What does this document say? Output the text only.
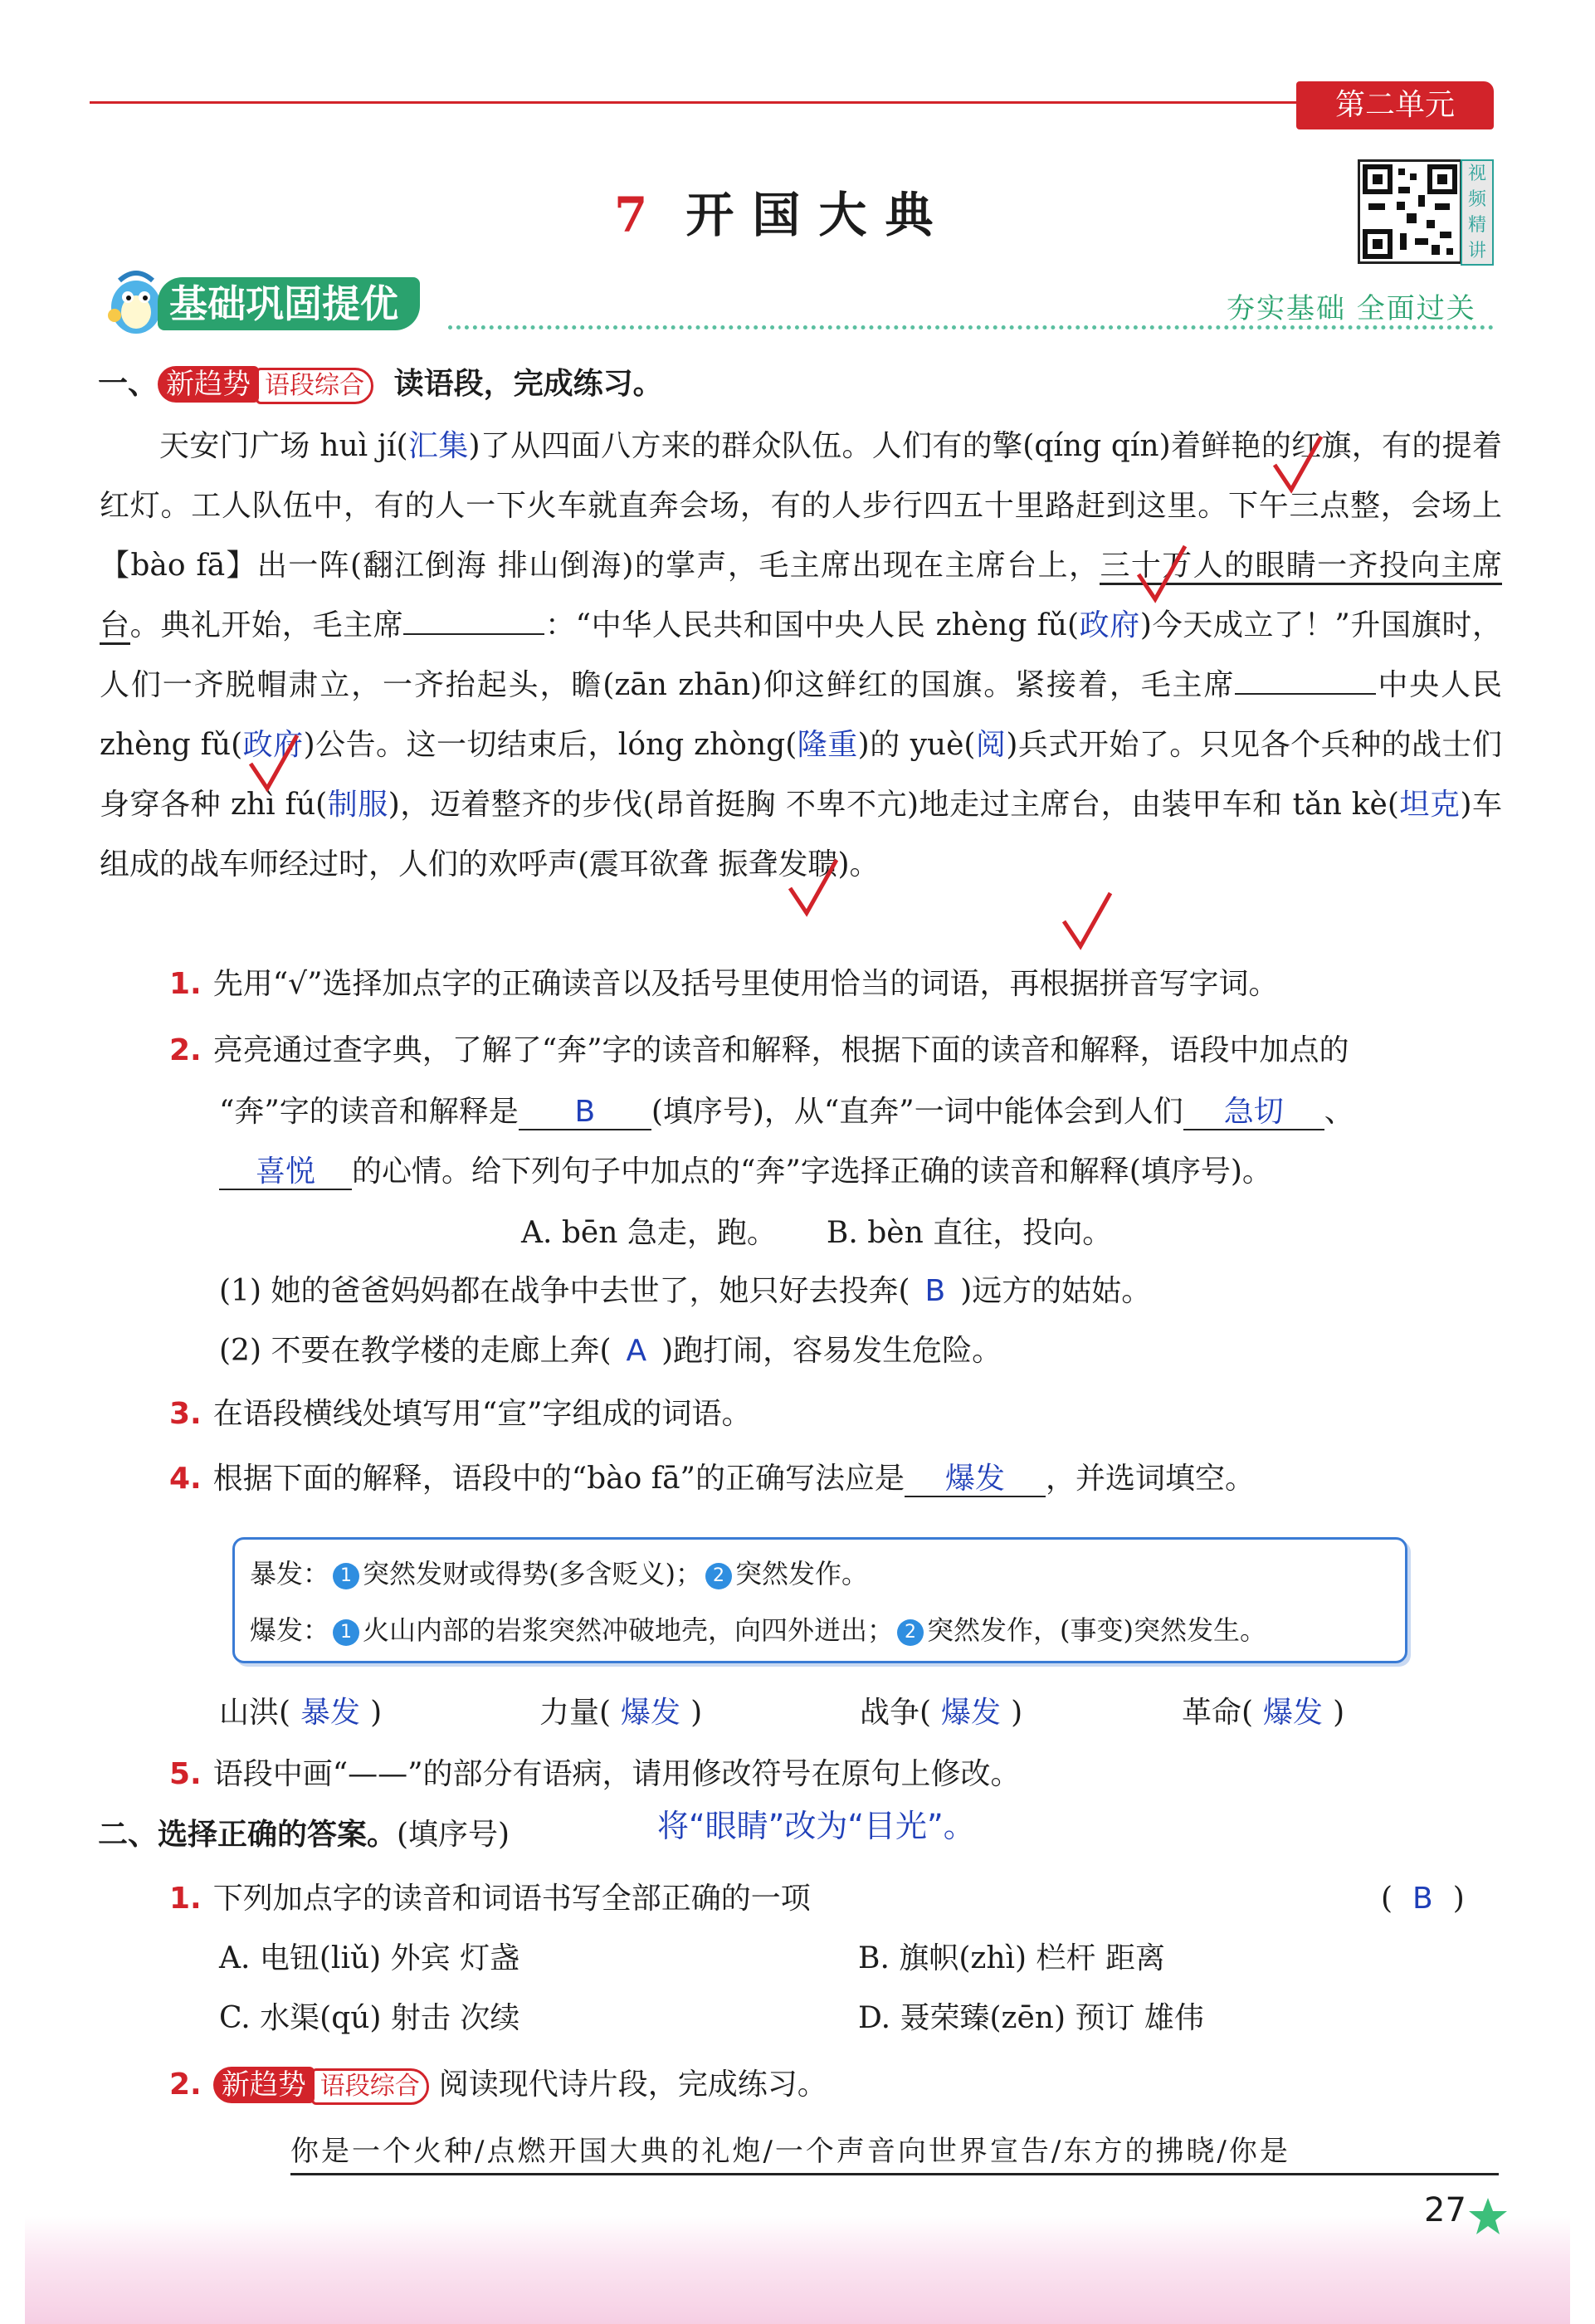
第二单元
7 开国大典
视频精讲
基础巩固提优	夯实基础 全面过关
一、 新趋势 语段综合 读语段，完成练习。

天安门广场 huì jí(汇集)了从四面八方来的群众队伍。人们有的擎(qíng qín)着鲜艳的红旗，有的提着红灯。工人队伍中，有的人一下火车就直奔会场，有的人步行四五十里路赶到这里。下午三点整，会场上【bào fā】出一阵(翻江倒海 排山倒海)的掌声，毛主席出现在主席台上，三十万人的眼睛一齐投向主席台。典礼开始，毛主席	：“中华人民共和国中央人民 zhèng fǔ(政府)今天成立了！”升国旗时，人们一齐脱帽肃立，一齐抬起头，瞻(zān zhān)仰这鲜红的国旗。紧接着，毛主席	中央人民 zhèng fǔ(政府)公告。这一切结束后，lóng zhòng(隆重)的 yuè(阅)兵式开始了。只见各个兵种的战士们身穿各种 zhì fú(制服)，迈着整齐的步伐(昂首挺胸 不卑不亢)地走过主席台，由装甲车和 tǎn kè(坦克)车组成的战车师经过时，人们的欢呼声(震耳欲聋 振聋发聩)。

1. 先用“√”选择加点字的正确读音以及括号里使用恰当的词语，再根据拼音写字词。
2. 亮亮通过查字典，了解了“奔”字的读音和解释，根据下面的读音和解释，语段中加点的
“奔”字的读音和解释是 B (填序号)，从“直奔”一词中能体会到人们 急切 、
喜悦 的心情。给下列句子中加点的“奔”字选择正确的读音和解释(填序号)。
A. bēn 急走，跑。 B. bèn 直往，投向。
(1) 她的爸爸妈妈都在战争中去世了，她只好去投奔( B )远方的姑姑。
(2) 不要在教学楼的走廊上奔( A )跑打闹，容易发生危险。
3. 在语段横线处填写用“宣”字组成的词语。
4. 根据下面的解释，语段中的“bào fā”的正确写法应是 爆发 ，并选词填空。
暴发： 1 突然发财或得势(多含贬义)； 2 突然发作。
爆发： 1 火山内部的岩浆突然冲破地壳，向四外迸出； 2 突然发作，(事变)突然发生。
山洪( 暴发 )	力量( 爆发 )	战争( 爆发 )	革命( 爆发 )
5. 语段中画“——”的部分有语病，请用修改符号在原句上修改。
二、选择正确的答案。(填序号)	将“眼睛”改为“目光”。
1. 下列加点字的读音和词语书写全部正确的一项	( B )
A. 电钮(liǔ) 外宾 灯盏	B. 旗帜(zhì) 栏杆 距离
C. 水渠(qú) 射击 次续	D. 聂荣臻(zēn) 预订 雄伟
2. 新趋势 语段综合 阅读现代诗片段，完成练习。
你是一个火种/点燃开国大典的礼炮/一个声音向世界宣告/东方的拂晓/你是
27
